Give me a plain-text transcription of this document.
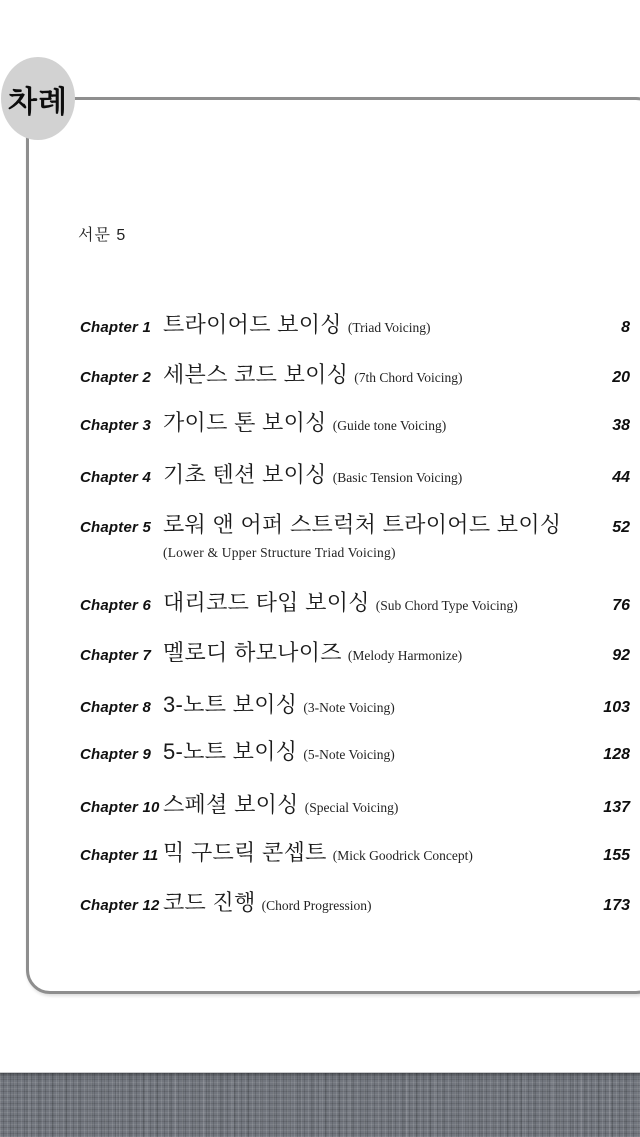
차례
서문 5
Chapter 1 트라이어드 보이싱 (Triad Voicing)	8
Chapter 2 세븐스 코드 보이싱 (7th Chord Voicing)	20
Chapter 3 가이드 톤 보이싱 (Guide tone Voicing)	38
Chapter 4 기초 텐션 보이싱 (Basic Tension Voicing)	44
Chapter 5 로워 앤 어퍼 스트럭처 트라이어드 보이싱	52
(Lower & Upper Structure Triad Voicing)
Chapter 6 대리코드 타입 보이싱 (Sub Chord Type Voicing)	76
Chapter 7 멜로디 하모나이즈 (Melody Harmonize)	92
Chapter 8 3-노트 보이싱 (3-Note Voicing)	103
Chapter 9 5-노트 보이싱 (5-Note Voicing)	128
Chapter 10 스페셜 보이싱 (Special Voicing)	137
Chapter 11 믹 구드릭 콘셉트 (Mick Goodrick Concept)	155
Chapter 12 코드 진행 (Chord Progression)	173
